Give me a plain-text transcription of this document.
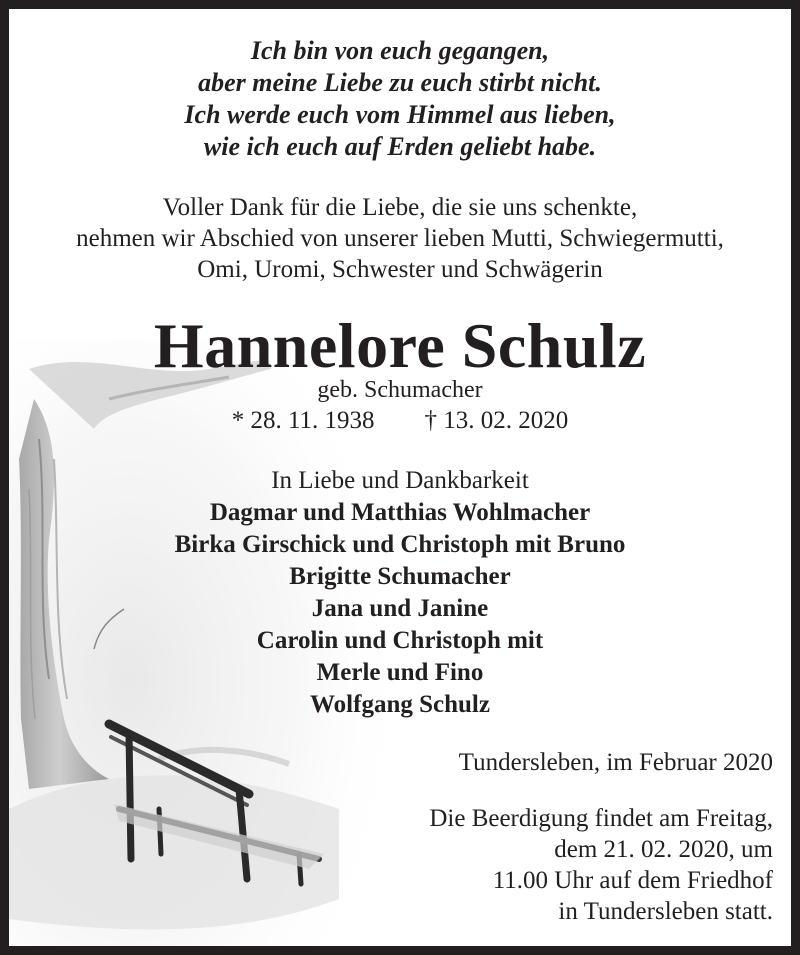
Ich bin von euch gegangen,
aber meine Liebe zu euch stirbt nicht.
Ich werde euch vom Himmel aus lieben,
wie ich euch auf Erden geliebt habe.
Voller Dank für die Liebe, die sie uns schenkte,
nehmen wir Abschied von unserer lieben Mutti, Schwiegermutti,
Omi, Uromi, Schwester und Schwägerin
Hannelore Schulz
geb. Schumacher
* 28. 11. 1938 † 13. 02. 2020
In Liebe und Dankbarkeit
Dagmar und Matthias Wohlmacher
Birka Girschick und Christoph mit Bruno
Brigitte Schumacher
Jana und Janine
Carolin und Christoph mit
Merle und Fino
Wolfgang Schulz
Tundersleben, im Februar 2020
Die Beerdigung findet am Freitag,
dem 21. 02. 2020, um
11.00 Uhr auf dem Friedhof
in Tundersleben statt.
